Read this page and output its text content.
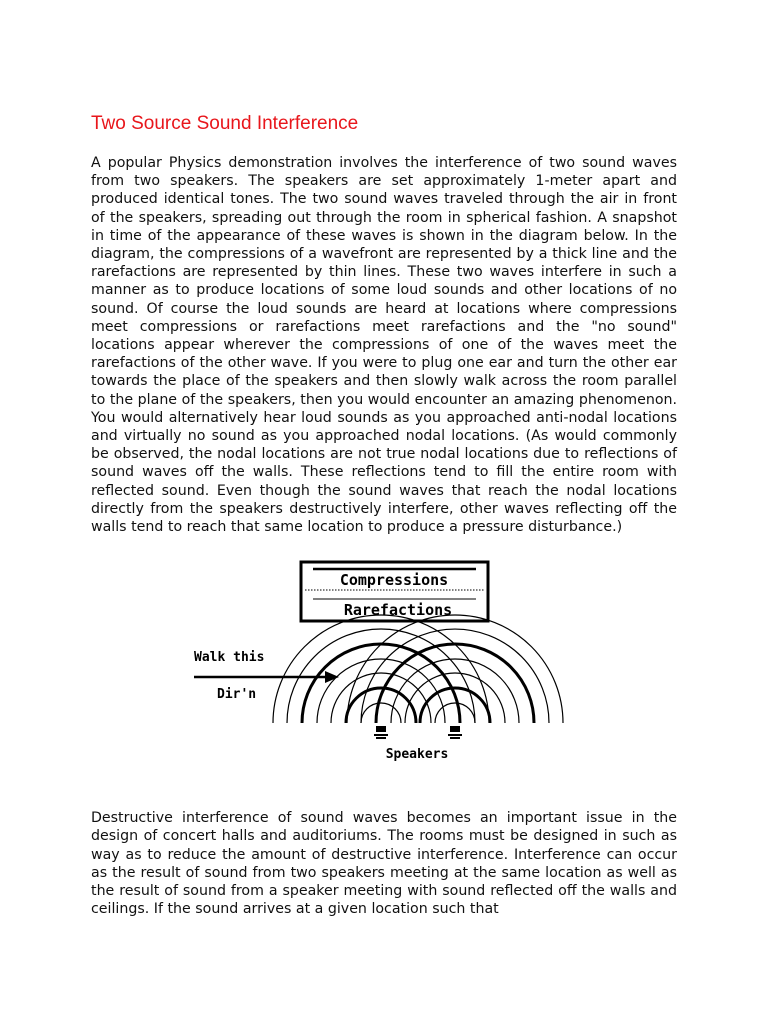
Two Source Sound Interference

A popular Physics demonstration involves the interference of two sound waves from two speakers. The speakers are set approximately 1-meter apart and produced identical tones. The two sound waves traveled through the air in front of the speakers, spreading out through the room in spherical fashion. A snapshot in time of the appearance of these waves is shown in the diagram below. In the diagram, the compressions of a wavefront are represented by a thick line and the rarefactions are represented by thin lines. These two waves interfere in such a manner as to produce locations of some loud sounds and other locations of no sound. Of course the loud sounds are heard at locations where compressions meet compressions or rarefactions meet rarefactions and the "no sound" locations appear wherever the compressions of one of the waves meet the rarefactions of the other wave. If you were to plug one ear and turn the other ear towards the place of the speakers and then slowly walk across the room parallel to the plane of the speakers, then you would encounter an amazing phenomenon. You would alternatively hear loud sounds as you approached anti-nodal locations and virtually no sound as you approached nodal locations. (As would commonly be observed, the nodal locations are not true nodal locations due to reflections of sound waves off the walls. These reflections tend to fill the entire room with reflected sound. Even though the sound waves that reach the nodal locations directly from the speakers destructively interfere, other waves reflecting off the walls tend to reach that same location to produce a pressure disturbance.)

Compressions
Rarefactions
Walk this
Dir'n
Speakers

Destructive interference of sound waves becomes an important issue in the design of concert halls and auditoriums. The rooms must be designed in such as way as to reduce the amount of destructive interference. Interference can occur as the result of sound from two speakers meeting at the same location as well as the result of sound from a speaker meeting with sound reflected off the walls and ceilings. If the sound arrives at a given location such that
